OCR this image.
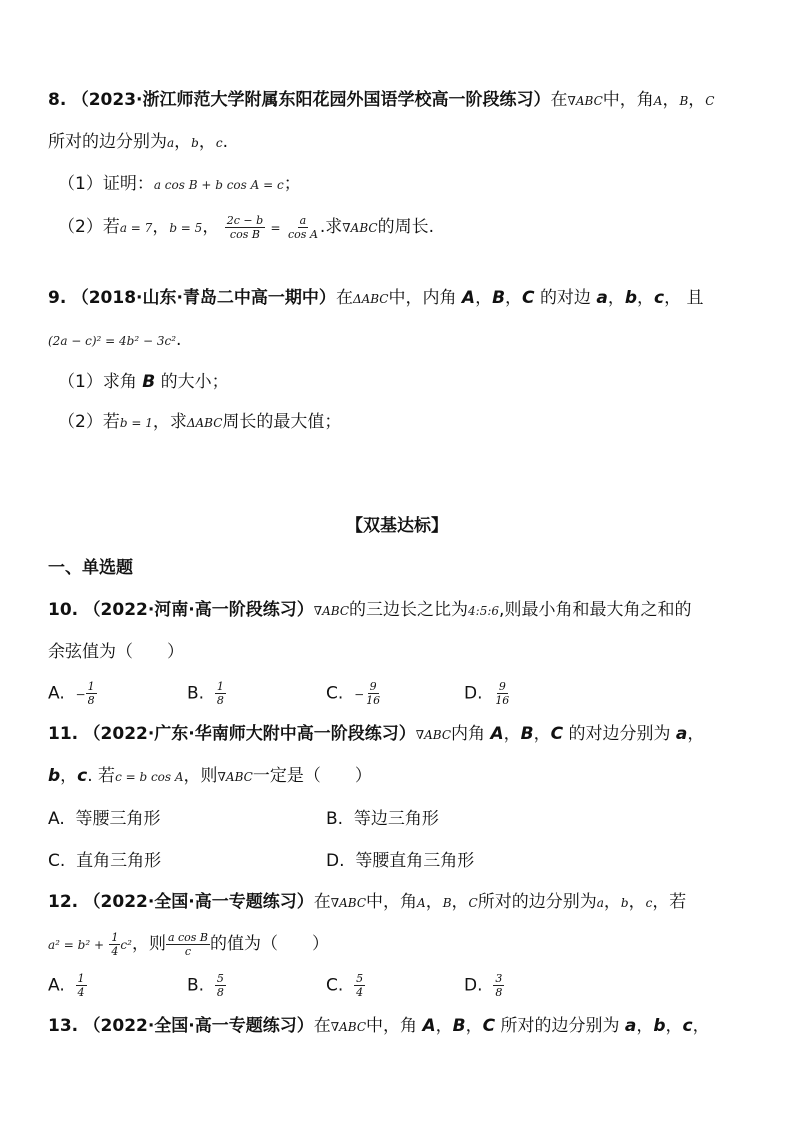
8. （2023·浙江师范大学附属东阳花园外国语学校高一阶段练习）在∇ABC中，角A，B，C
所对的边分别为a，b，c.
（1）证明：a cos B + b cos A = c；
（2）若a = 7，b = 5， $\frac{2c - b}{\text{cos B}} = \frac{a}{\text{cos A}}$ .求∇ABC的周长.
9. （2018·山东·青岛二中高一期中）在ΔABC中，内角 A，B，C 的对边 a，b，c， 且
(2a − c)² = 4b² − 3c².
（1）求角 B 的大小；
（2）若b = 1，求ΔABC周长的最大值；
【双基达标】
一、单选题
10. （2022·河南·高一阶段练习）∇ABC的三边长之比为4:5:6,则最小角和最大角之和的
余弦值为（　　）
A. − $\frac{1}{8}$	B. $\frac{1}{8}$	C. − $\frac{9}{16}$	D. $\frac{9}{16}$
11. （2022·广东·华南师大附中高一阶段练习）∇ABC内角 A，B，C 的对边分别为 a，
b，c. 若c = b cos A，则∇ABC一定是（　　）
A. 等腰三角形	B. 等边三角形
C. 直角三角形	D. 等腰直角三角形
12. （2022·全国·高一专题练习）在∇ABC中，角A，B，C所对的边分别为a，b，c，若
$a^2 = b^2 + \frac{1}{4} c^2$，则 $\frac{\text{a cos B}}{c}$ 的值为（　　）
A. $\frac{1}{4}$	B. $\frac{5}{8}$	C. $\frac{5}{4}$	D. $\frac{3}{8}$
13. （2022·全国·高一专题练习）在∇ABC中，角 A，B，C 所对的边分别为 a，b，c，
